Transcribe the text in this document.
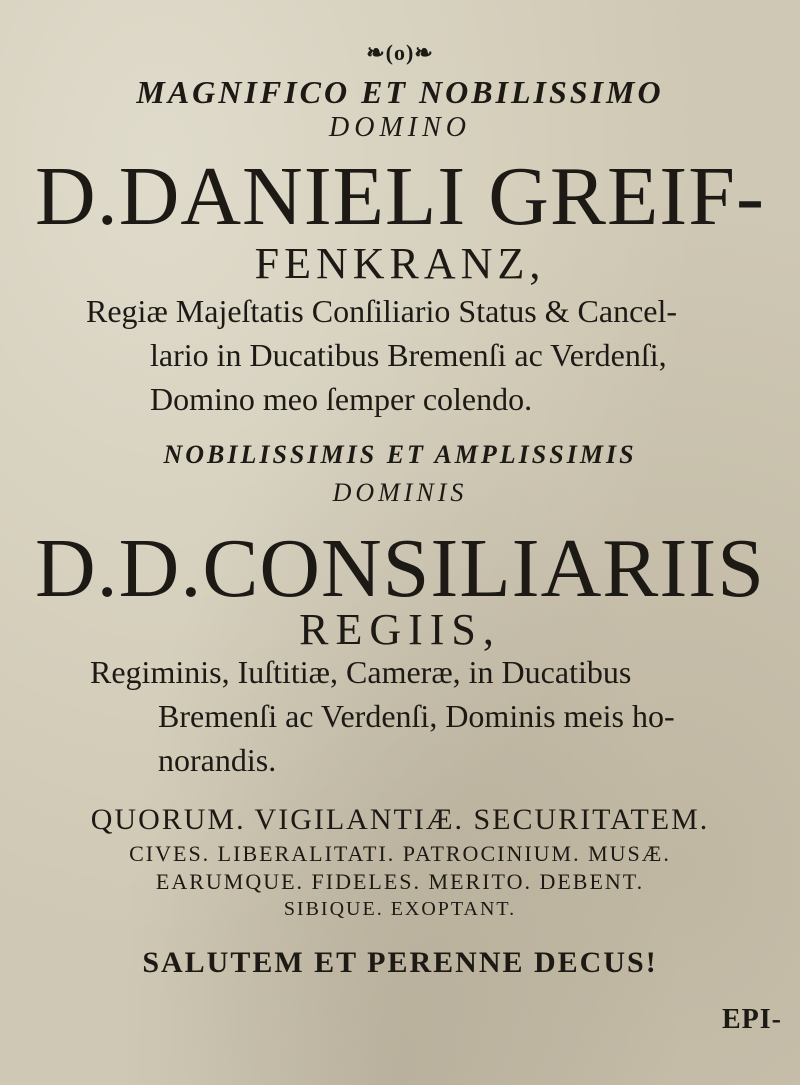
❧(o)❧
MAGNIFICO ET NOBILISSIMO
DOMINO
D.DANIELI GREIF-
FENKRANZ,
Regiæ Majeſtatis Conſiliario Status & Cancel-
lario in Ducatibus Bremenſi ac Verdenſi,
Domino meo ſemper colendo.
NOBILISSIMIS ET AMPLISSIMIS
DOMINIS
D.D.CONSILIARIIS
REGIIS,
Regiminis, Iuſtitiæ, Cameræ, in Ducatibus
Bremenſi ac Verdenſi, Dominis meis ho-
norandis.
QUORUM. VIGILANTIÆ. SECURITATEM.
CIVES. LIBERALITATI. PATROCINIUM. MUSÆ.
EARUMQUE. FIDELES. MERITO. DEBENT.
SIBIQUE. EXOPTANT.
SALUTEM ET PERENNE DECUS!
EPI-
